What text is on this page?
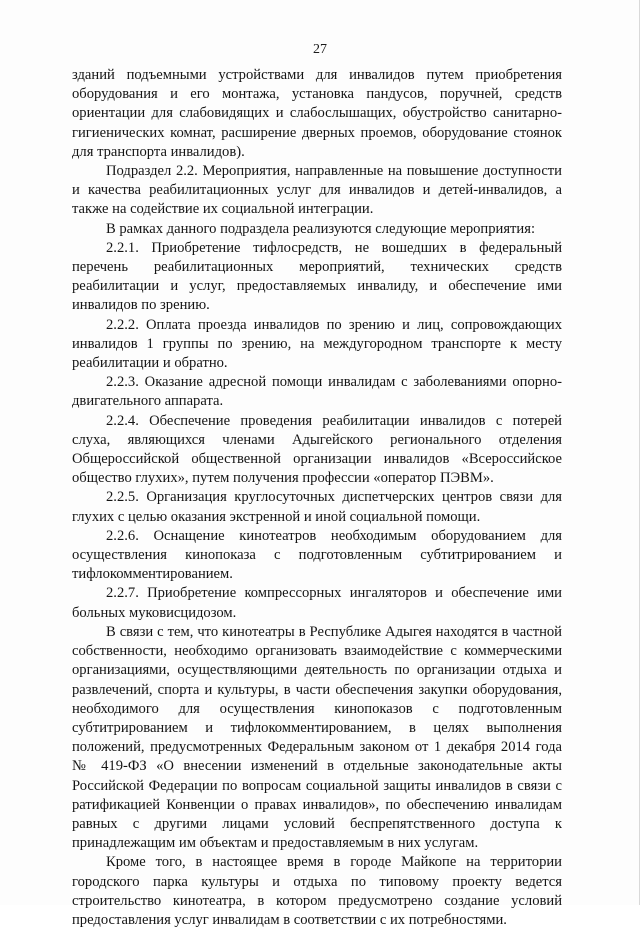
27

зданий подъемными устройствами для инвалидов путем приобретения оборудования и его монтажа, установка пандусов, поручней, средств ориентации для слабовидящих и слабослышащих, обустройство санитарно-гигиенических комнат, расширение дверных проемов, оборудование стоянок для транспорта инвалидов).

Подраздел 2.2. Мероприятия, направленные на повышение доступности и качества реабилитационных услуг для инвалидов и детей-инвалидов, а также на содействие их социальной интеграции.

В рамках данного подраздела реализуются следующие мероприятия:

2.2.1. Приобретение тифлосредств, не вошедших в федеральный перечень реабилитационных мероприятий, технических средств реабилитации и услуг, предоставляемых инвалиду, и обеспечение ими инвалидов по зрению.

2.2.2. Оплата проезда инвалидов по зрению и лиц, сопровождающих инвалидов 1 группы по зрению, на междугородном транспорте к месту реабилитации и обратно.

2.2.3. Оказание адресной помощи инвалидам с заболеваниями опорно-двигательного аппарата.

2.2.4. Обеспечение проведения реабилитации инвалидов с потерей слуха, являющихся членами Адыгейского регионального отделения Общероссийской общественной организации инвалидов «Всероссийское общество глухих», путем получения профессии «оператор ПЭВМ».

2.2.5. Организация круглосуточных диспетчерских центров связи для глухих с целью оказания экстренной и иной социальной помощи.

2.2.6. Оснащение кинотеатров необходимым оборудованием для осуществления кинопоказа с подготовленным субтитрированием и тифлокомментированием.

2.2.7. Приобретение компрессорных ингаляторов и обеспечение ими больных муковисцидозом.

В связи с тем, что кинотеатры в Республике Адыгея находятся в частной собственности, необходимо организовать взаимодействие с коммерческими организациями, осуществляющими деятельность по организации отдыха и развлечений, спорта и культуры, в части обеспечения закупки оборудования, необходимого для осуществления кинопоказов с подготовленным субтитрированием и тифлокомментированием, в целях выполнения положений, предусмотренных Федеральным законом от 1 декабря 2014 года № 419-ФЗ «О внесении изменений в отдельные законодательные акты Российской Федерации по вопросам социальной защиты инвалидов в связи с ратификацией Конвенции о правах инвалидов», по обеспечению инвалидам равных с другими лицами условий беспрепятственного доступа к принадлежащим им объектам и предоставляемым в них услугам.

Кроме того, в настоящее время в городе Майкопе на территории городского парка культуры и отдыха по типовому проекту ведется строительство кинотеатра, в котором предусмотрено создание условий предоставления услуг инвалидам в соответствии с их потребностями.
